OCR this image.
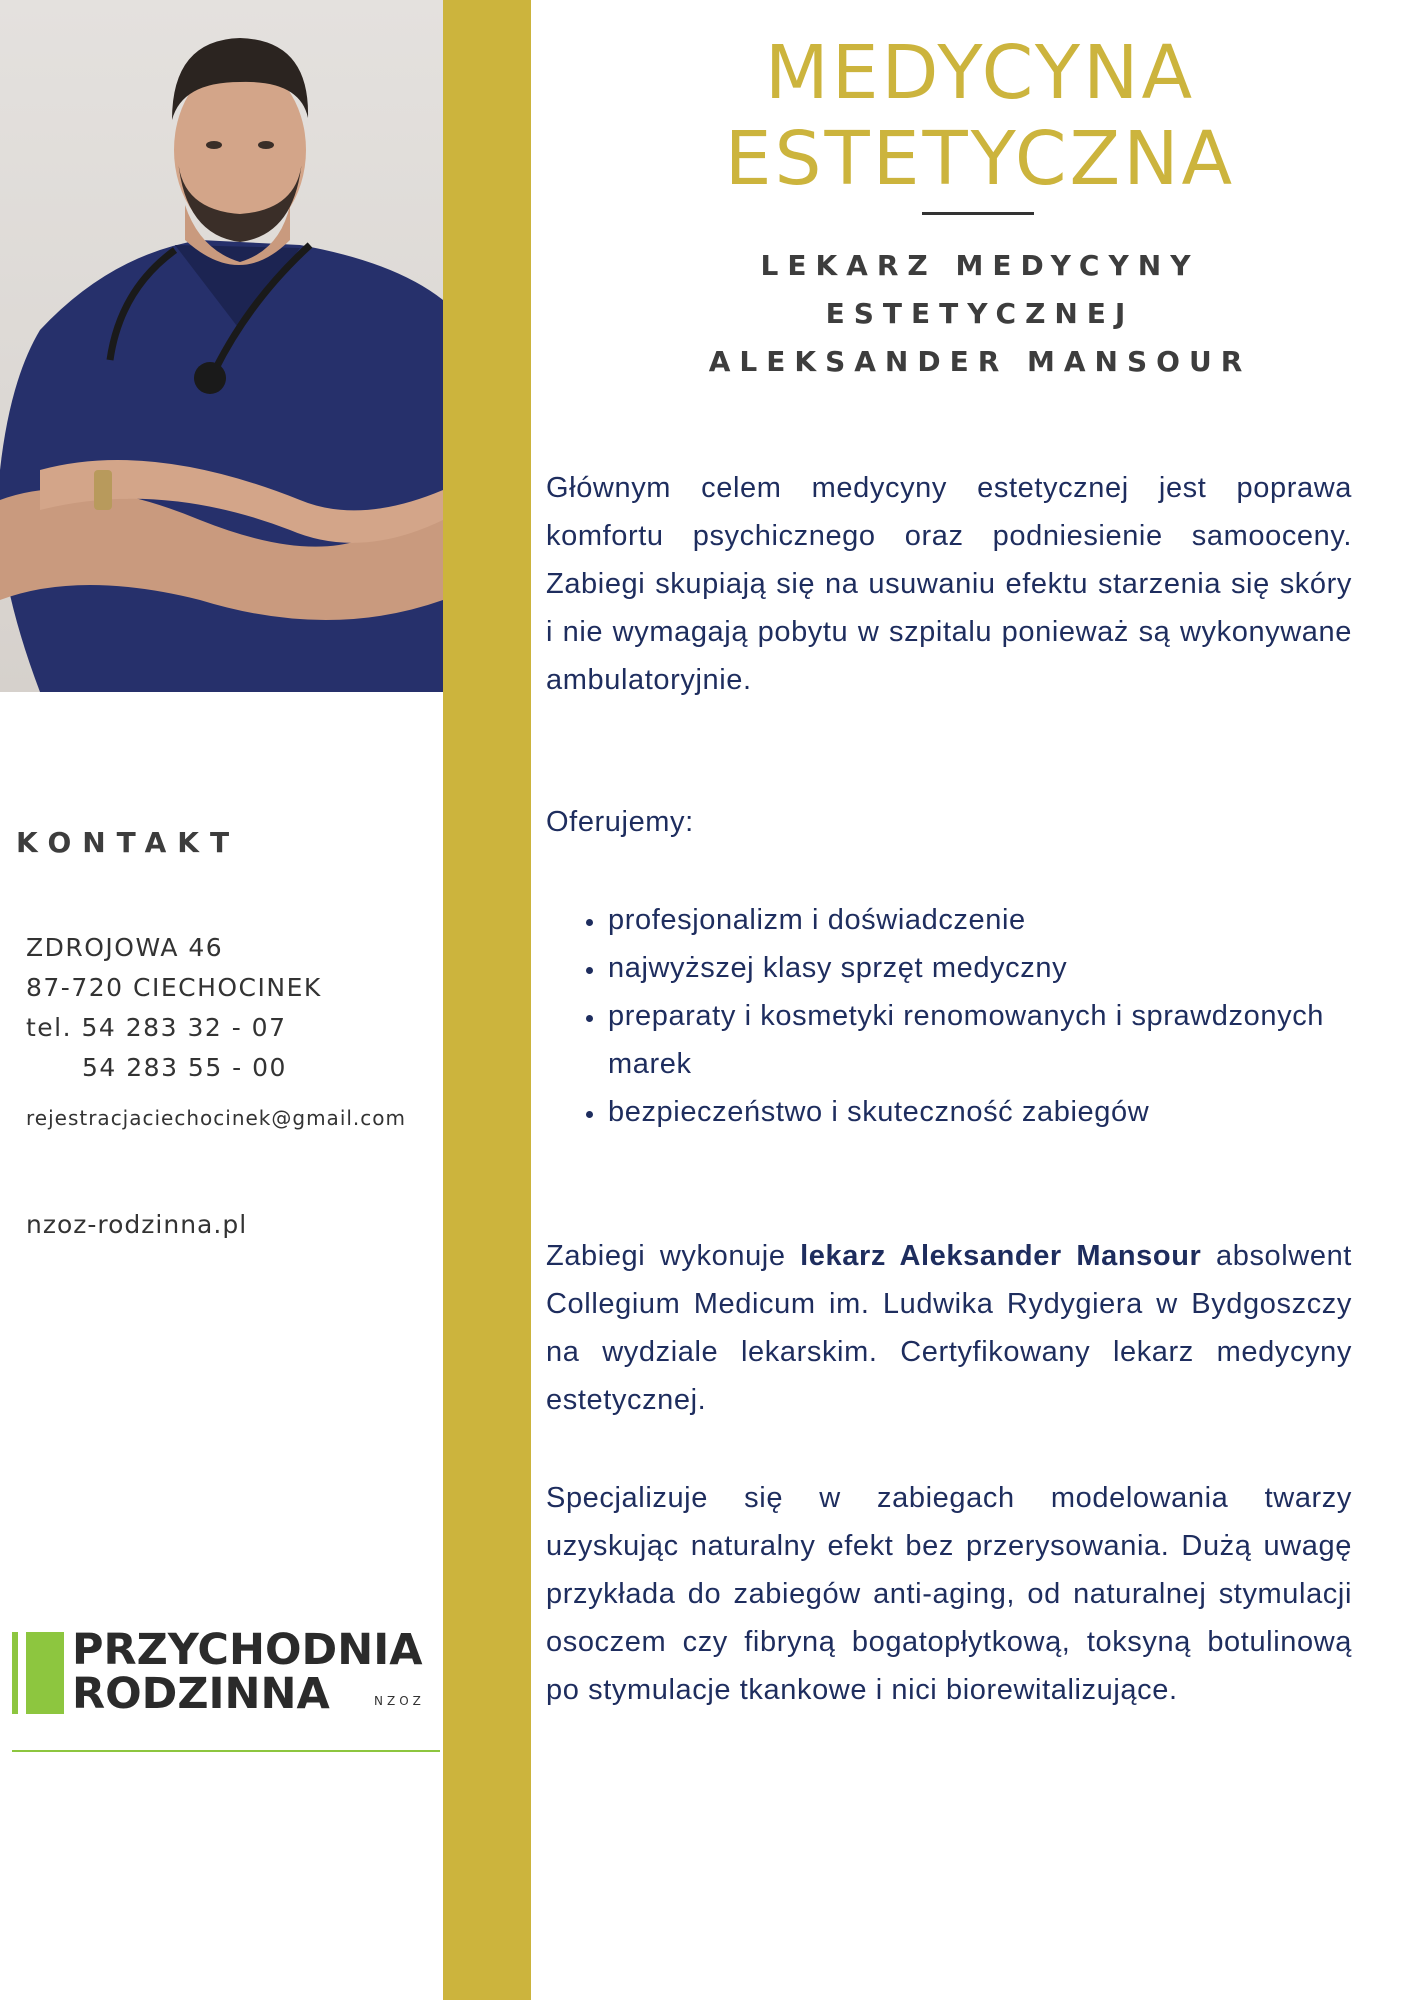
KONTAKT
ZDROJOWA 46
87-720 CIECHOCINEK
tel. 54 283 32 - 07
54 283 55 - 00
rejestracjaciechocinek@gmail.com
nzoz-rodzinna.pl
PRZYCHODNIA
RODZINNA	NZOZ
MEDYCYNA
ESTETYCZNA
LEKARZ MEDYCYNY
ESTETYCZNEJ
ALEKSANDER MANSOUR
Głównym celem medycyny estetycznej jest poprawa komfortu psychicznego oraz podniesienie samooceny. Zabiegi skupiają się na usuwaniu efektu starzenia się skóry i nie wymagają pobytu w szpitalu ponieważ są wykonywane ambulatoryjnie.
Oferujemy:
• profesjonalizm i doświadczenie
• najwyższej klasy sprzęt medyczny
• preparaty i kosmetyki renomowanych i sprawdzonych marek
• bezpieczeństwo i skuteczność zabiegów
Zabiegi wykonuje lekarz Aleksander Mansour absolwent Collegium Medicum im. Ludwika Rydygiera w Bydgoszczy na wydziale lekarskim. Certyfikowany lekarz medycyny estetycznej.
Specjalizuje się w zabiegach modelowania twarzy uzyskując naturalny efekt bez przerysowania. Dużą uwagę przykłada do zabiegów anti-aging, od naturalnej stymulacji osoczem czy fibryną bogatopłytkową, toksyną botulinową po stymulacje tkankowe i nici biorewitalizujące.
